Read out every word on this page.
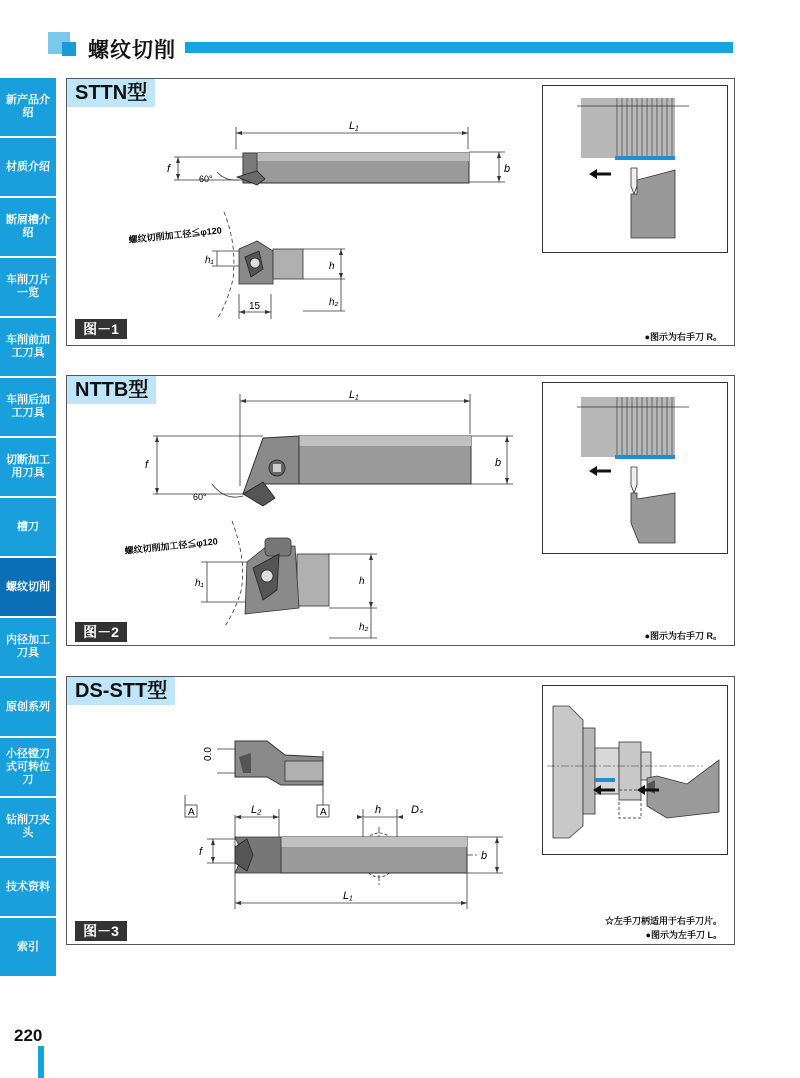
螺纹切削
新产品介绍
材质介绍
断屑槽介绍
车削刀片一览
车削前加工刀具
车削后加工刀具
切断加工用刀具
槽刀
螺纹切削
内径加工刀具
原创系列
小径镗刀式可转位刀
钻削刀夹头
技术资料
索引
220
STTN型
L₁
f	b
60°
螺纹切削加工径≦φ120
h₁
h
h₂
15
图－1	●图示为右手刀 R。
NTTB型	L₁
f	b
60°
螺纹切削加工径≦φ120
h₁	h
h₂
图－2	●图示为右手刀 R。
DS-STT型
0.0
A	A
L₂	h	Dₛ
f	b
L₁
图－3
☆左手刀柄适用于右手刀片。
●图示为左手刀 L。
